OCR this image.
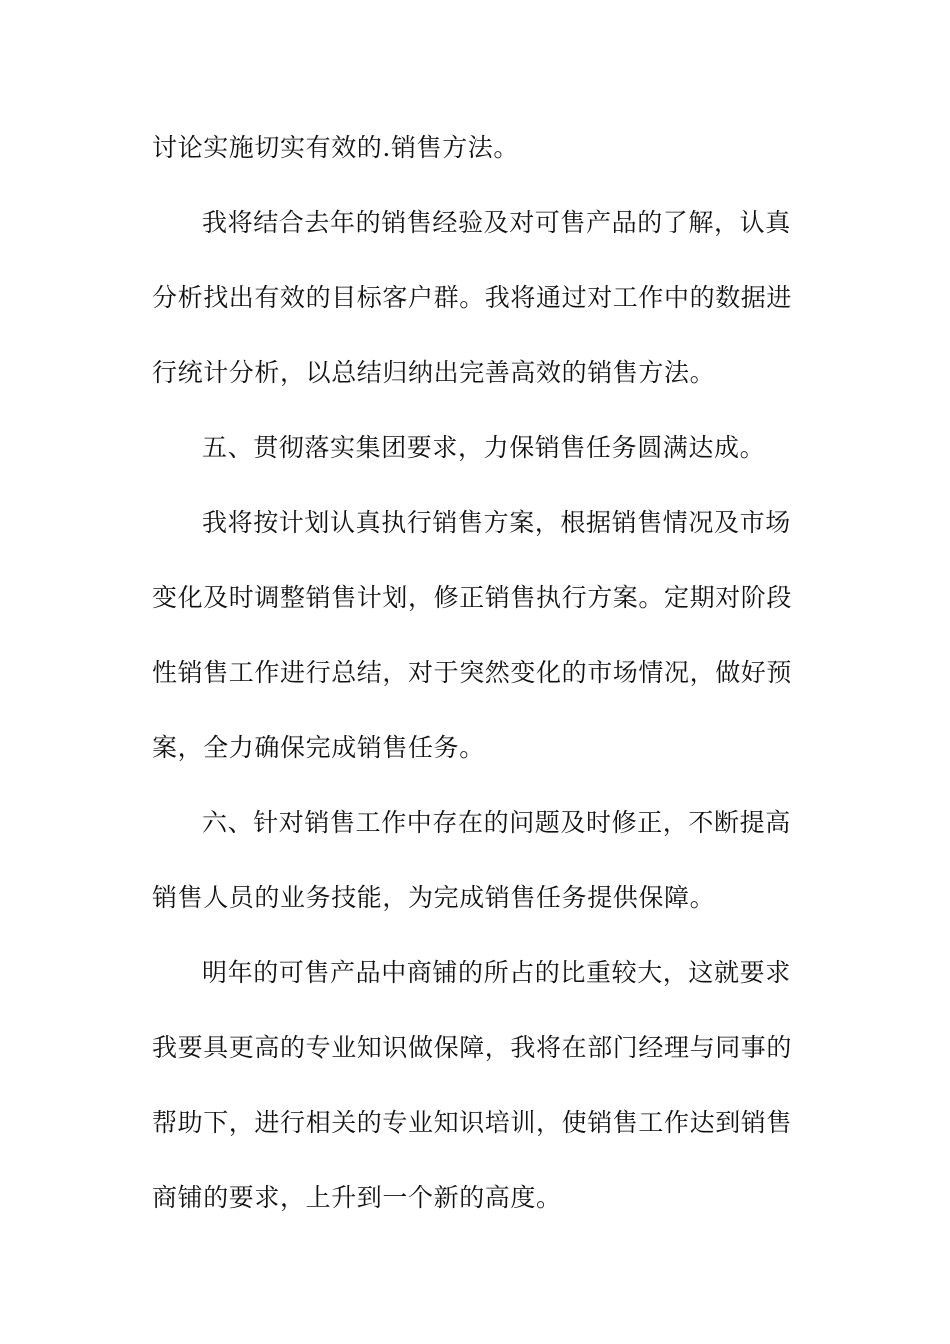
讨论实施切实有效的.销售方法。
我将结合去年的销售经验及对可售产品的了解，认真
分析找出有效的目标客户群。我将通过对工作中的数据进
行统计分析，以总结归纳出完善高效的销售方法。
五、贯彻落实集团要求，力保销售任务圆满达成。
我将按计划认真执行销售方案，根据销售情况及市场
变化及时调整销售计划，修正销售执行方案。定期对阶段
性销售工作进行总结，对于突然变化的市场情况，做好预
案，全力确保完成销售任务。
六、针对销售工作中存在的问题及时修正，不断提高
销售人员的业务技能，为完成销售任务提供保障。
明年的可售产品中商铺的所占的比重较大，这就要求
我要具更高的专业知识做保障，我将在部门经理与同事的
帮助下，进行相关的专业知识培训，使销售工作达到销售
商铺的要求，上升到一个新的高度。
